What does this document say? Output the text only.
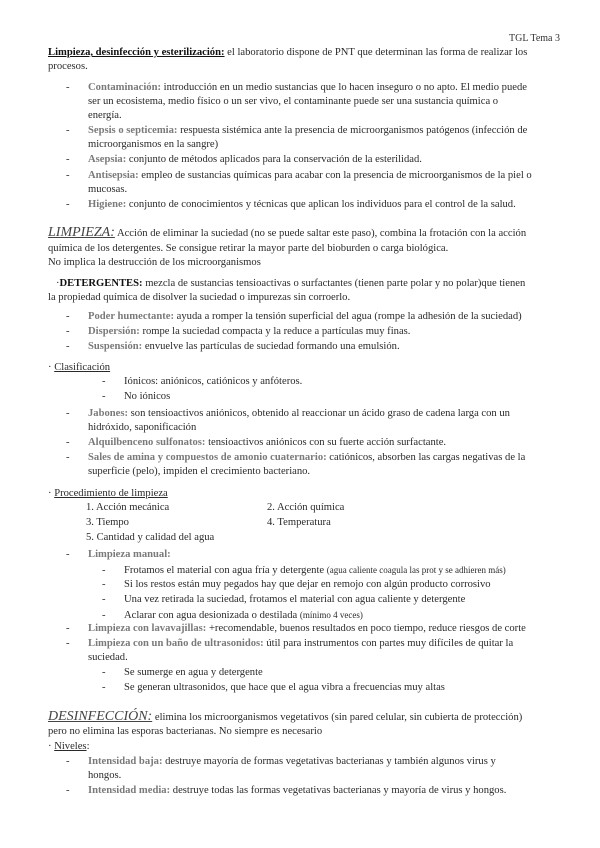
TGL Tema 3
Limpieza, desinfección y esterilización: el laboratorio dispone de PNT que determinan las forma de realizar los
procesos.
- Contaminación: introducción en un medio sustancias que lo hacen inseguro o no apto. El medio puede
ser un ecosistema, medio físico o un ser vivo, el contaminante puede ser una sustancia química o
energía.
- Sepsis o septicemia: respuesta sistémica ante la presencia de microorganismos patógenos (infección de
microorganismos en la sangre)
- Asepsia: conjunto de métodos aplicados para la conservación de la esterilidad.
- Antisepsia: empleo de sustancias químicas para acabar con la presencia de microorganismos de la piel o
mucosas.
- Higiene: conjunto de conocimientos y técnicas que aplican los individuos para el control de la salud.
LIMPIEZA: Acción de eliminar la suciedad (no se puede saltar este paso), combina la frotación con la acción
química de los detergentes. Se consigue retirar la mayor parte del bioburden o carga biológica.
No implica la destrucción de los microorganismos
·DETERGENTES: mezcla de sustancias tensioactivas o surfactantes (tienen parte polar y no polar)que tienen
la propiedad química de disolver la suciedad o impurezas sin corroerlo.
- Poder humectante: ayuda a romper la tensión superficial del agua (rompe la adhesión de la suciedad)
- Dispersión: rompe la suciedad compacta y la reduce a partículas muy finas.
- Suspensión: envuelve las partículas de suciedad formando una emulsión.
· Clasificación
- Iónicos: aniónicos, catiónicos y anfóteros.
- No iónicos
- Jabones: son tensioactivos aniónicos, obtenido al reaccionar un ácido graso de cadena larga con un
hidróxido, saponificación
- Alquilbenceno sulfonatos: tensioactivos aniónicos con su fuerte acción surfactante.
- Sales de amina y compuestos de amonio cuaternario: catiónicos, absorben las cargas negativas de la
superficie (pelo), impiden el crecimiento bacteriano.
· Procedimiento de limpieza
1. Acción mecánica	2. Acción química
3. Tiempo	4. Temperatura
5. Cantidad y calidad del agua
- Limpieza manual:
- Frotamos el material con agua fría y detergente (agua caliente coagula las prot y se adhieren más)
- Si los restos están muy pegados hay que dejar en remojo con algún producto corrosivo
- Una vez retirada la suciedad, frotamos el material con agua caliente y detergente
- Aclarar con agua desionizada o destilada (mínimo 4 veces)
- Limpieza con lavavajillas: +recomendable, buenos resultados en poco tiempo, reduce riesgos de corte
- Limpieza con un baño de ultrasonidos: útil para instrumentos con partes muy difíciles de quitar la
suciedad.
- Se sumerge en agua y detergente
- Se generan ultrasonidos, que hace que el agua vibra a frecuencias muy altas
DESINFECCIÓN: elimina los microorganismos vegetativos (sin pared celular, sin cubierta de protección)
pero no elimina las esporas bacterianas. No siempre es necesario
· Niveles:
- Intensidad baja: destruye mayoría de formas vegetativas bacterianas y también algunos virus y
hongos.
- Intensidad media: destruye todas las formas vegetativas bacterianas y mayoría de virus y hongos.
